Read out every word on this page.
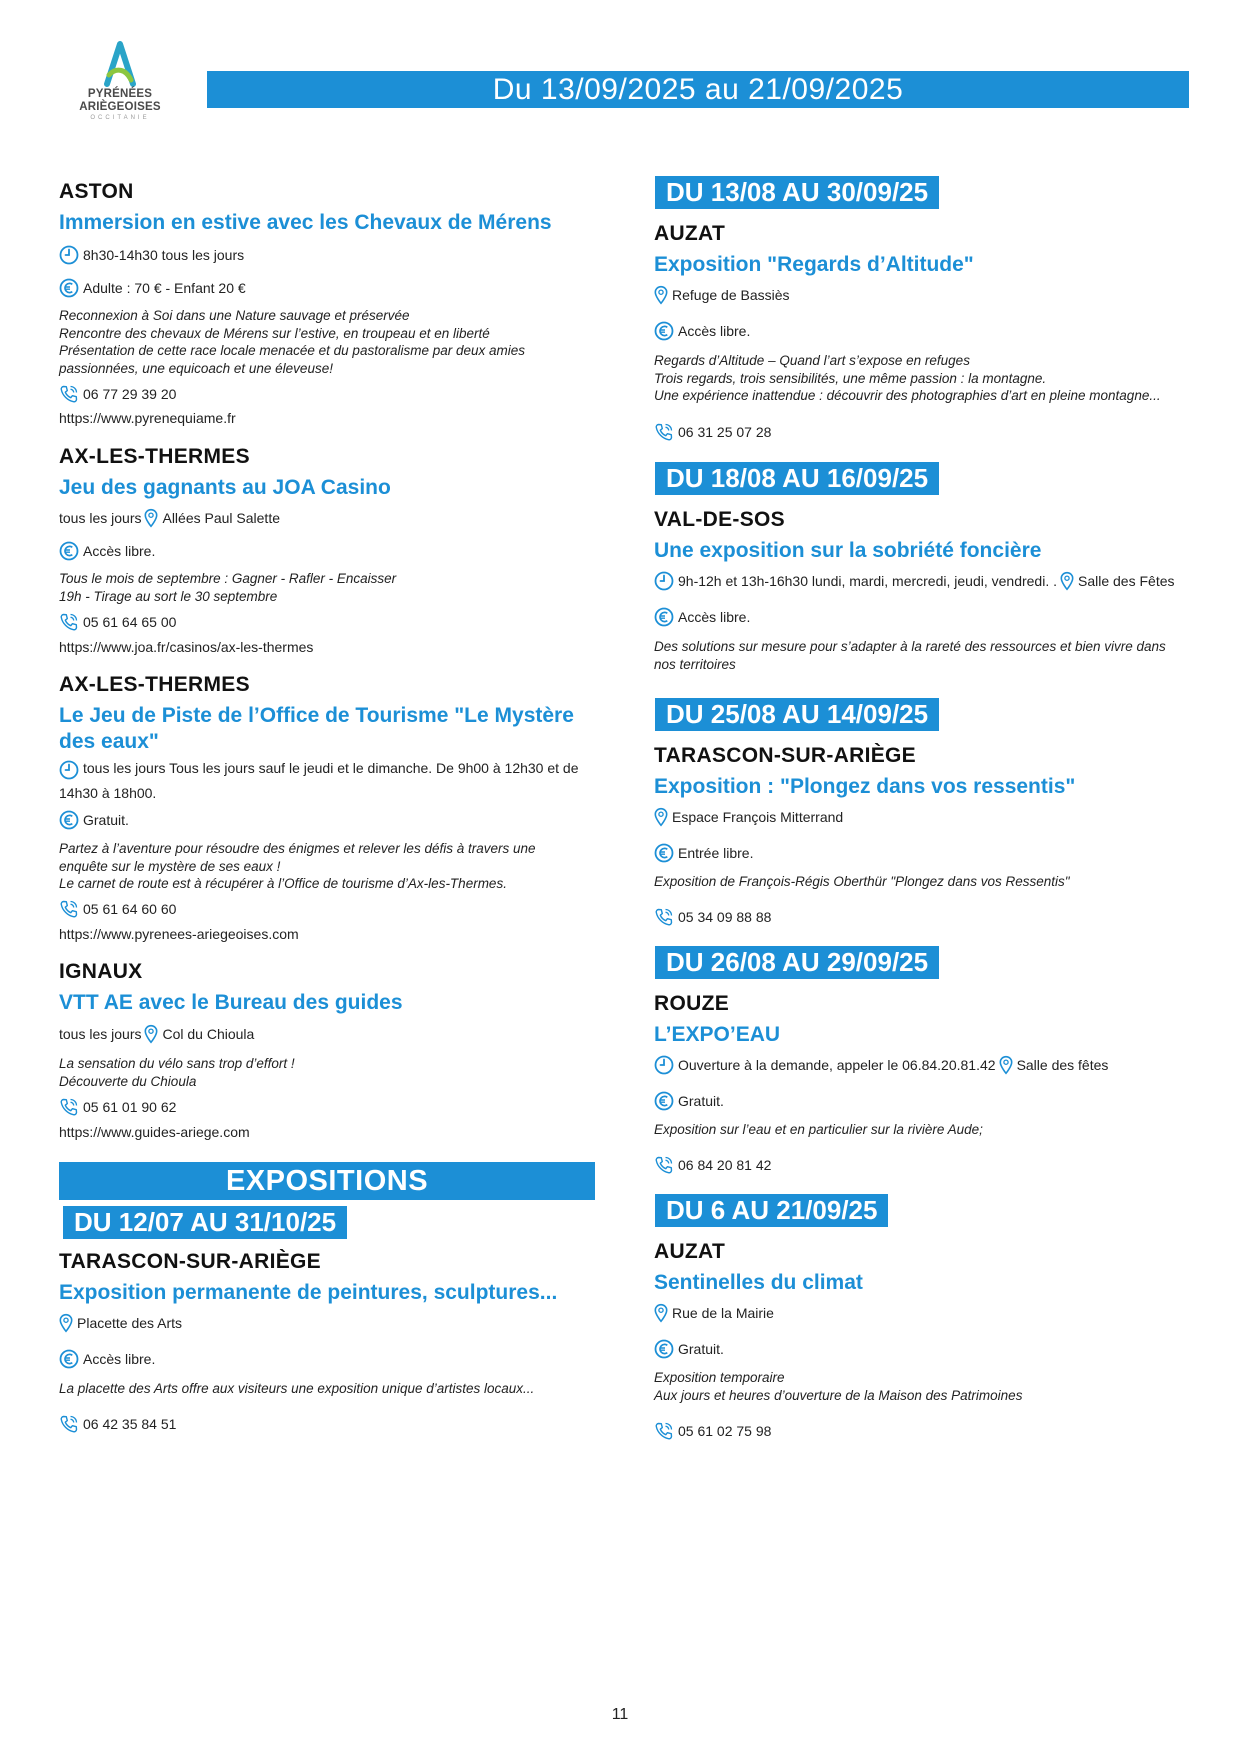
PYRÉNÉES
ARIÈGEOISES
OCCITANIE
Du 13/09/2025 au 21/09/2025
ASTON
Immersion en estive avec les Chevaux de Mérens
8h30-14h30 tous les jours
Adulte : 70 € - Enfant 20 €
Reconnexion à Soi dans une Nature sauvage et préservée
Rencontre des chevaux de Mérens sur l’estive, en troupeau et en liberté
Présentation de cette race locale menacée et du pastoralisme par deux amies
passionnées, une equicoach et une éleveuse!
06 77 29 39 20
https://www.pyrenequiame.fr
AX-LES-THERMES
Jeu des gagnants au JOA Casino
tous les jours Allées Paul Salette
Accès libre.
Tous le mois de septembre : Gagner - Rafler - Encaisser
19h - Tirage au sort le 30 septembre
05 61 64 65 00
https://www.joa.fr/casinos/ax-les-thermes
AX-LES-THERMES
Le Jeu de Piste de l’Office de Tourisme "Le Mystère des eaux"
tous les jours Tous les jours sauf le jeudi et le dimanche. De 9h00 à 12h30 et de
14h30 à 18h00.
Gratuit.
Partez à l’aventure pour résoudre des énigmes et relever les défis à travers une
enquête sur le mystère de ses eaux !
Le carnet de route est à récupérer à l’Office de tourisme d’Ax-les-Thermes.
05 61 64 60 60
https://www.pyrenees-ariegeoises.com
IGNAUX
VTT AE avec le Bureau des guides
tous les jours Col du Chioula
La sensation du vélo sans trop d’effort !
Découverte du Chioula
05 61 01 90 62
https://www.guides-ariege.com
DU 12/07 AU 31/10/25
TARASCON-SUR-ARIÈGE
Exposition permanente de peintures, sculptures...
Placette des Arts
Accès libre.
La placette des Arts offre aux visiteurs une exposition unique d’artistes locaux...
06 42 35 84 51
EXPOSITIONS
DU 13/08 AU 30/09/25
AUZAT
Exposition "Regards d’Altitude"
Refuge de Bassiès
Accès libre.
Regards d’Altitude – Quand l’art s’expose en refuges
Trois regards, trois sensibilités, une même passion : la montagne.
Une expérience inattendue : découvrir des photographies d’art en pleine montagne...
06 31 25 07 28
DU 18/08 AU 16/09/25
VAL-DE-SOS
Une exposition sur la sobriété foncière
9h-12h et 13h-16h30 lundi, mardi, mercredi, jeudi, vendredi. . Salle des Fêtes
Accès libre.
Des solutions sur mesure pour s’adapter à la rareté des ressources et bien vivre dans
nos territoires
DU 25/08 AU 14/09/25
TARASCON-SUR-ARIÈGE
Exposition : "Plongez dans vos ressentis"
Espace François Mitterrand
Entrée libre.
Exposition de François-Régis Oberthür "Plongez dans vos Ressentis"
05 34 09 88 88
DU 26/08 AU 29/09/25
ROUZE
L’EXPO’EAU
Ouverture à la demande, appeler le 06.84.20.81.42 Salle des fêtes
Gratuit.
Exposition sur l’eau et en particulier sur la rivière Aude;
06 84 20 81 42
DU 6 AU 21/09/25
AUZAT
Sentinelles du climat
Rue de la Mairie
Gratuit.
Exposition temporaire
Aux jours et heures d’ouverture de la Maison des Patrimoines
05 61 02 75 98
11
